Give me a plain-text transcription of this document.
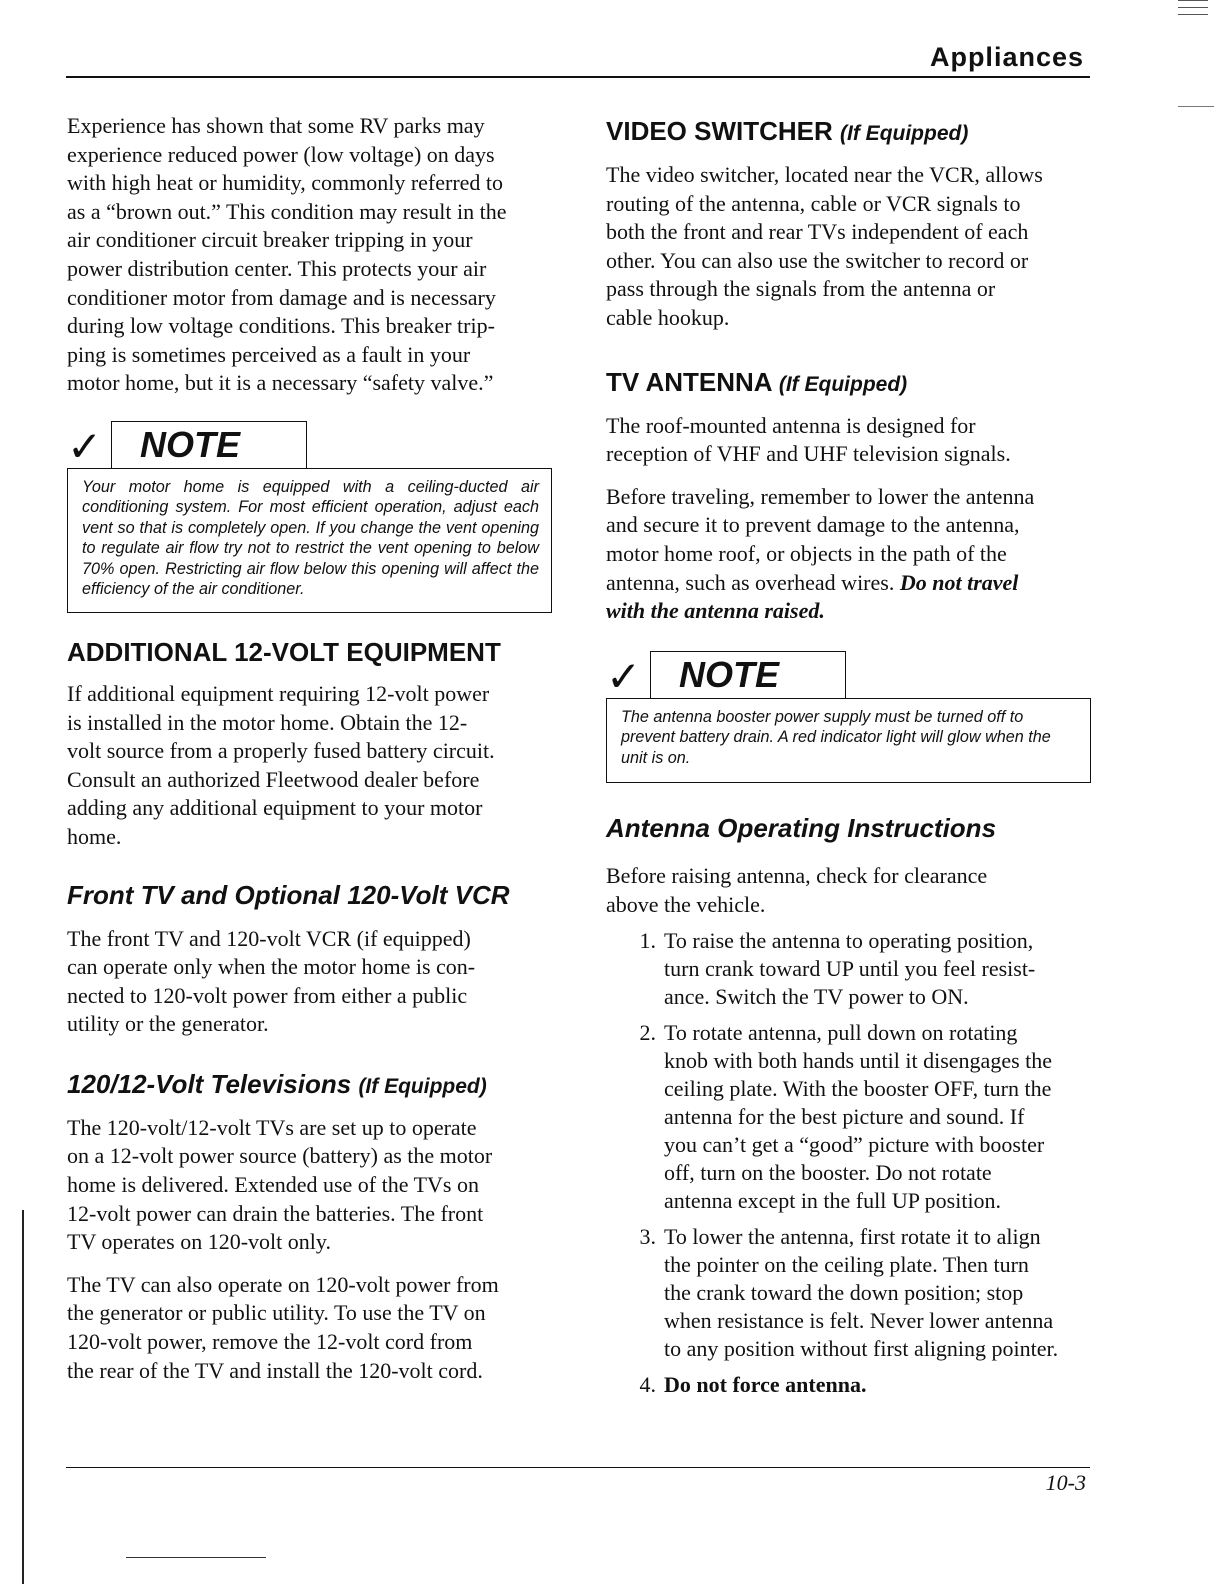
Appliances
Experience has shown that some RV parks may
experience reduced power (low voltage) on days
with high heat or humidity, commonly referred to
as a “brown out.” This condition may result in the
air conditioner circuit breaker tripping in your
power distribution center. This protects your air
conditioner motor from damage and is necessary
during low voltage conditions. This breaker trip-
ping is sometimes perceived as a fault in your
motor home, but it is a necessary “safety valve.”
✓ NOTE
Your motor home is equipped with a ceiling-ducted air conditioning system. For most efficient operation, adjust each vent so that is completely open. If you change the vent opening to regulate air flow try not to restrict the vent opening to below 70% open. Restricting air flow below this opening will affect the efficiency of the air conditioner.
ADDITIONAL 12-VOLT EQUIPMENT
If additional equipment requiring 12-volt power
is installed in the motor home. Obtain the 12-
volt source from a properly fused battery circuit.
Consult an authorized Fleetwood dealer before
adding any additional equipment to your motor
home.
Front TV and Optional 120-Volt VCR
The front TV and 120-volt VCR (if equipped)
can operate only when the motor home is con-
nected to 120-volt power from either a public
utility or the generator.
120/12-Volt Televisions (If Equipped)
The 120-volt/12-volt TVs are set up to operate
on a 12-volt power source (battery) as the motor
home is delivered. Extended use of the TVs on
12-volt power can drain the batteries. The front
TV operates on 120-volt only.
The TV can also operate on 120-volt power from
the generator or public utility. To use the TV on
120-volt power, remove the 12-volt cord from
the rear of the TV and install the 120-volt cord.
VIDEO SWITCHER (If Equipped)
The video switcher, located near the VCR, allows
routing of the antenna, cable or VCR signals to
both the front and rear TVs independent of each
other. You can also use the switcher to record or
pass through the signals from the antenna or
cable hookup.
TV ANTENNA (If Equipped)
The roof-mounted antenna is designed for
reception of VHF and UHF television signals.
Before traveling, remember to lower the antenna
and secure it to prevent damage to the antenna,
motor home roof, or objects in the path of the
antenna, such as overhead wires. Do not travel
with the antenna raised.
✓ NOTE
The antenna booster power supply must be turned off to prevent battery drain. A red indicator light will glow when the unit is on.
Antenna Operating Instructions
Before raising antenna, check for clearance
above the vehicle.
1. To raise the antenna to operating position,
turn crank toward UP until you feel resist-
ance. Switch the TV power to ON.
2. To rotate antenna, pull down on rotating
knob with both hands until it disengages the
ceiling plate. With the booster OFF, turn the
antenna for the best picture and sound. If
you can’t get a “good” picture with booster
off, turn on the booster. Do not rotate
antenna except in the full UP position.
3. To lower the antenna, first rotate it to align
the pointer on the ceiling plate. Then turn
the crank toward the down position; stop
when resistance is felt. Never lower antenna
to any position without first aligning pointer.
4. Do not force antenna.
10-3
